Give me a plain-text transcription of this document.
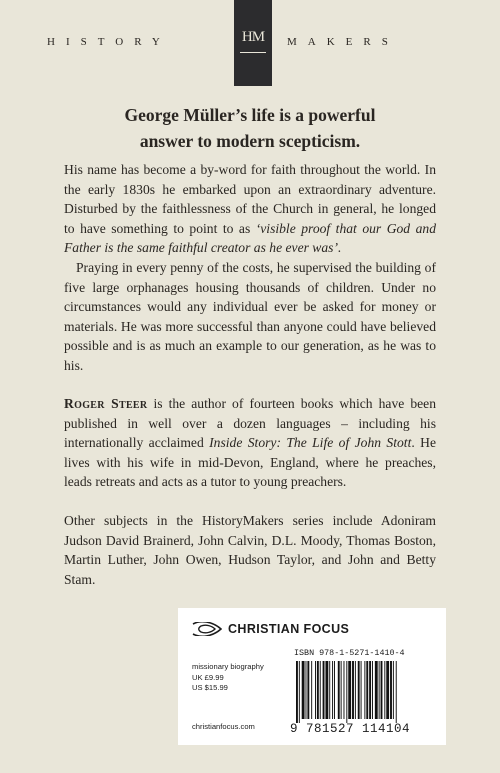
HISTORY	HM MAKERS
George Müller’s life is a powerful
answer to modern scepticism.

His name has become a by-word for faith throughout the world. In the early 1830s he embarked upon an extraordinary adventure. Disturbed by the faithlessness of the Church in general, he longed to have something to point to as ‘visible proof that our God and Father is the same faithful creator as he ever was’.

Praying in every penny of the costs, he supervised the building of five large orphanages housing thousands of children. Under no circumstances would any individual ever be asked for money or materials. He was more successful than anyone could have believed possible and is as much an example to our generation, as he was to his.

Roger Steer is the author of fourteen books which have been published in well over a dozen languages – including his internationally acclaimed Inside Story: The Life of John Stott. He lives with his wife in mid-Devon, England, where he preaches, leads retreats and acts as a tutor to young preachers.

Other subjects in the HistoryMakers series include Adoniram Judson David Brainerd, John Calvin, D.L. Moody, Thomas Boston, Martin Luther, John Owen, Hudson Taylor, and John and Betty Stam.

CHRISTIAN FOCUS
missionary biography
UK £9.99
US $15.99
christianfocus.com
ISBN 978-1-5271-1410-4
9 781527 114104
